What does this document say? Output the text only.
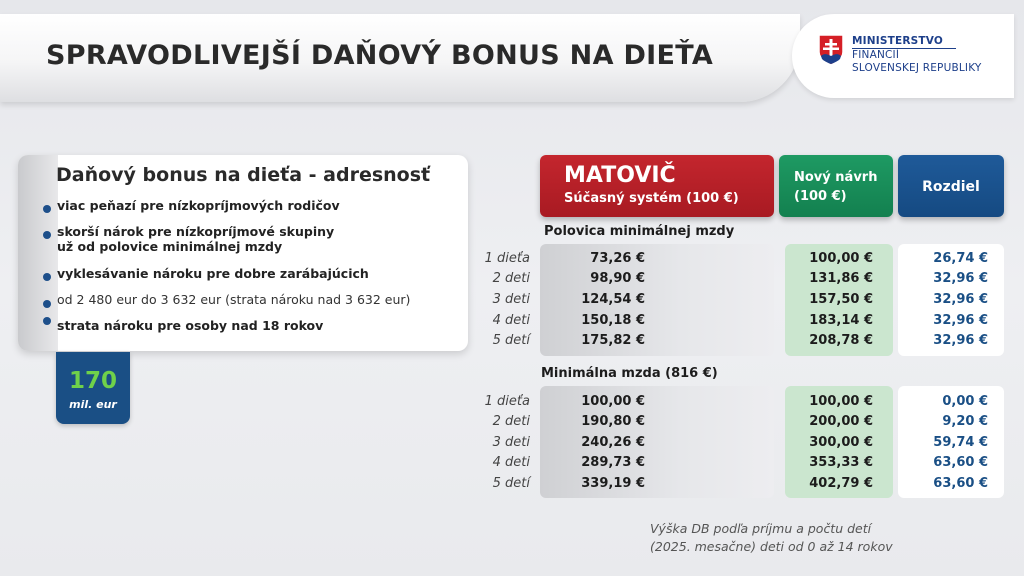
SPRAVODLIVEJŠÍ DAŇOVÝ BONUS NA DIEŤA	MINISTERSTVO
FINANCIÍ
SLOVENSKEJ REPUBLIKY
Daňový bonus na dieťa - adresnosť
viac peňazí pre nízkopríjmových rodičov
skorší nárok pre nízkopríjmové skupiny
už od polovice minimálnej mzdy
vyklesávanie nároku pre dobre zarábajúcich
od 2 480 eur do 3 632 eur (strata nároku nad 3 632 eur)
strata nároku pre osoby nad 18 rokov
170
mil. eur
MATOVIČ
Súčasný systém (100 €)
Nový návrh
(100 €)
Rozdiel
Polovica minimálnej mzdy
1 dieťa	73,26 €	100,00 €	26,74 €
2 deti	98,90 €	131,86 €	32,96 €
3 deti	124,54 €	157,50 €	32,96 €
4 deti	150,18 €	183,14 €	32,96 €
5 detí	175,82 €	208,78 €	32,96 €
Minimálna mzda (816 €)
1 dieťa	100,00 €	100,00 €	0,00 €
2 deti	190,80 €	200,00 €	9,20 €
3 deti	240,26 €	300,00 €	59,74 €
4 deti	289,73 €	353,33 €	63,60 €
5 detí	339,19 €	402,79 €	63,60 €
Výška DB podľa príjmu a počtu detí
(2025. mesačne) deti od 0 až 14 rokov
